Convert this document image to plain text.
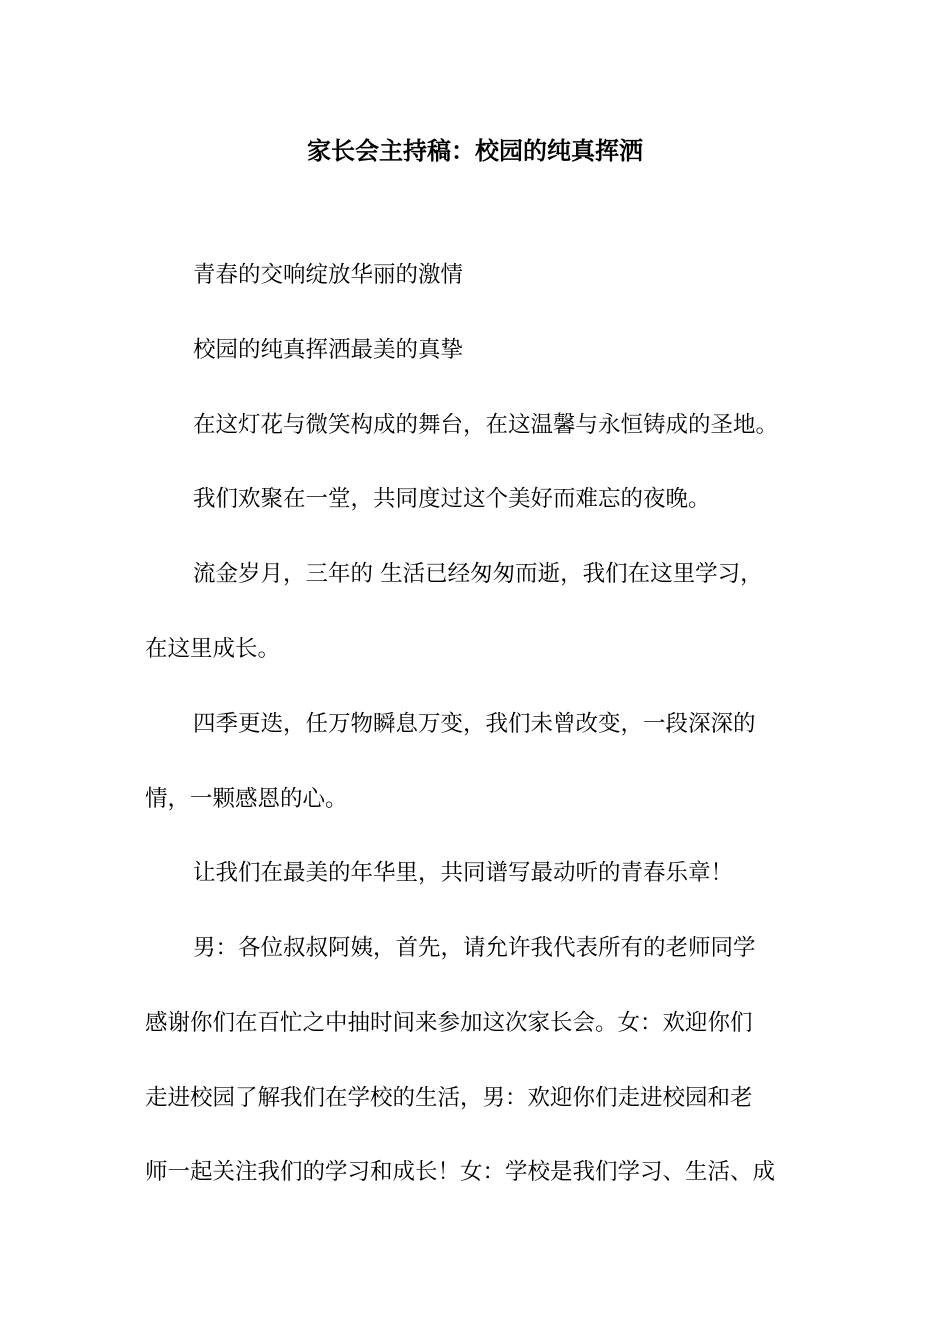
家长会主持稿：校园的纯真挥洒
青春的交响绽放华丽的激情
校园的纯真挥洒最美的真挚
在这灯花与微笑构成的舞台，在这温馨与永恒铸成的圣地。
我们欢聚在一堂，共同度过这个美好而难忘的夜晚。
流金岁月，三年的 生活已经匆匆而逝，我们在这里学习，
在这里成长。
四季更迭，任万物瞬息万变，我们未曾改变，一段深深的
情，一颗感恩的心。
让我们在最美的年华里，共同谱写最动听的青春乐章！
男：各位叔叔阿姨，首先，请允许我代表所有的老师同学
感谢你们在百忙之中抽时间来参加这次家长会。女：欢迎你们
走进校园了解我们在学校的生活，男：欢迎你们走进校园和老
师一起关注我们的学习和成长！女：学校是我们学习、生活、成
